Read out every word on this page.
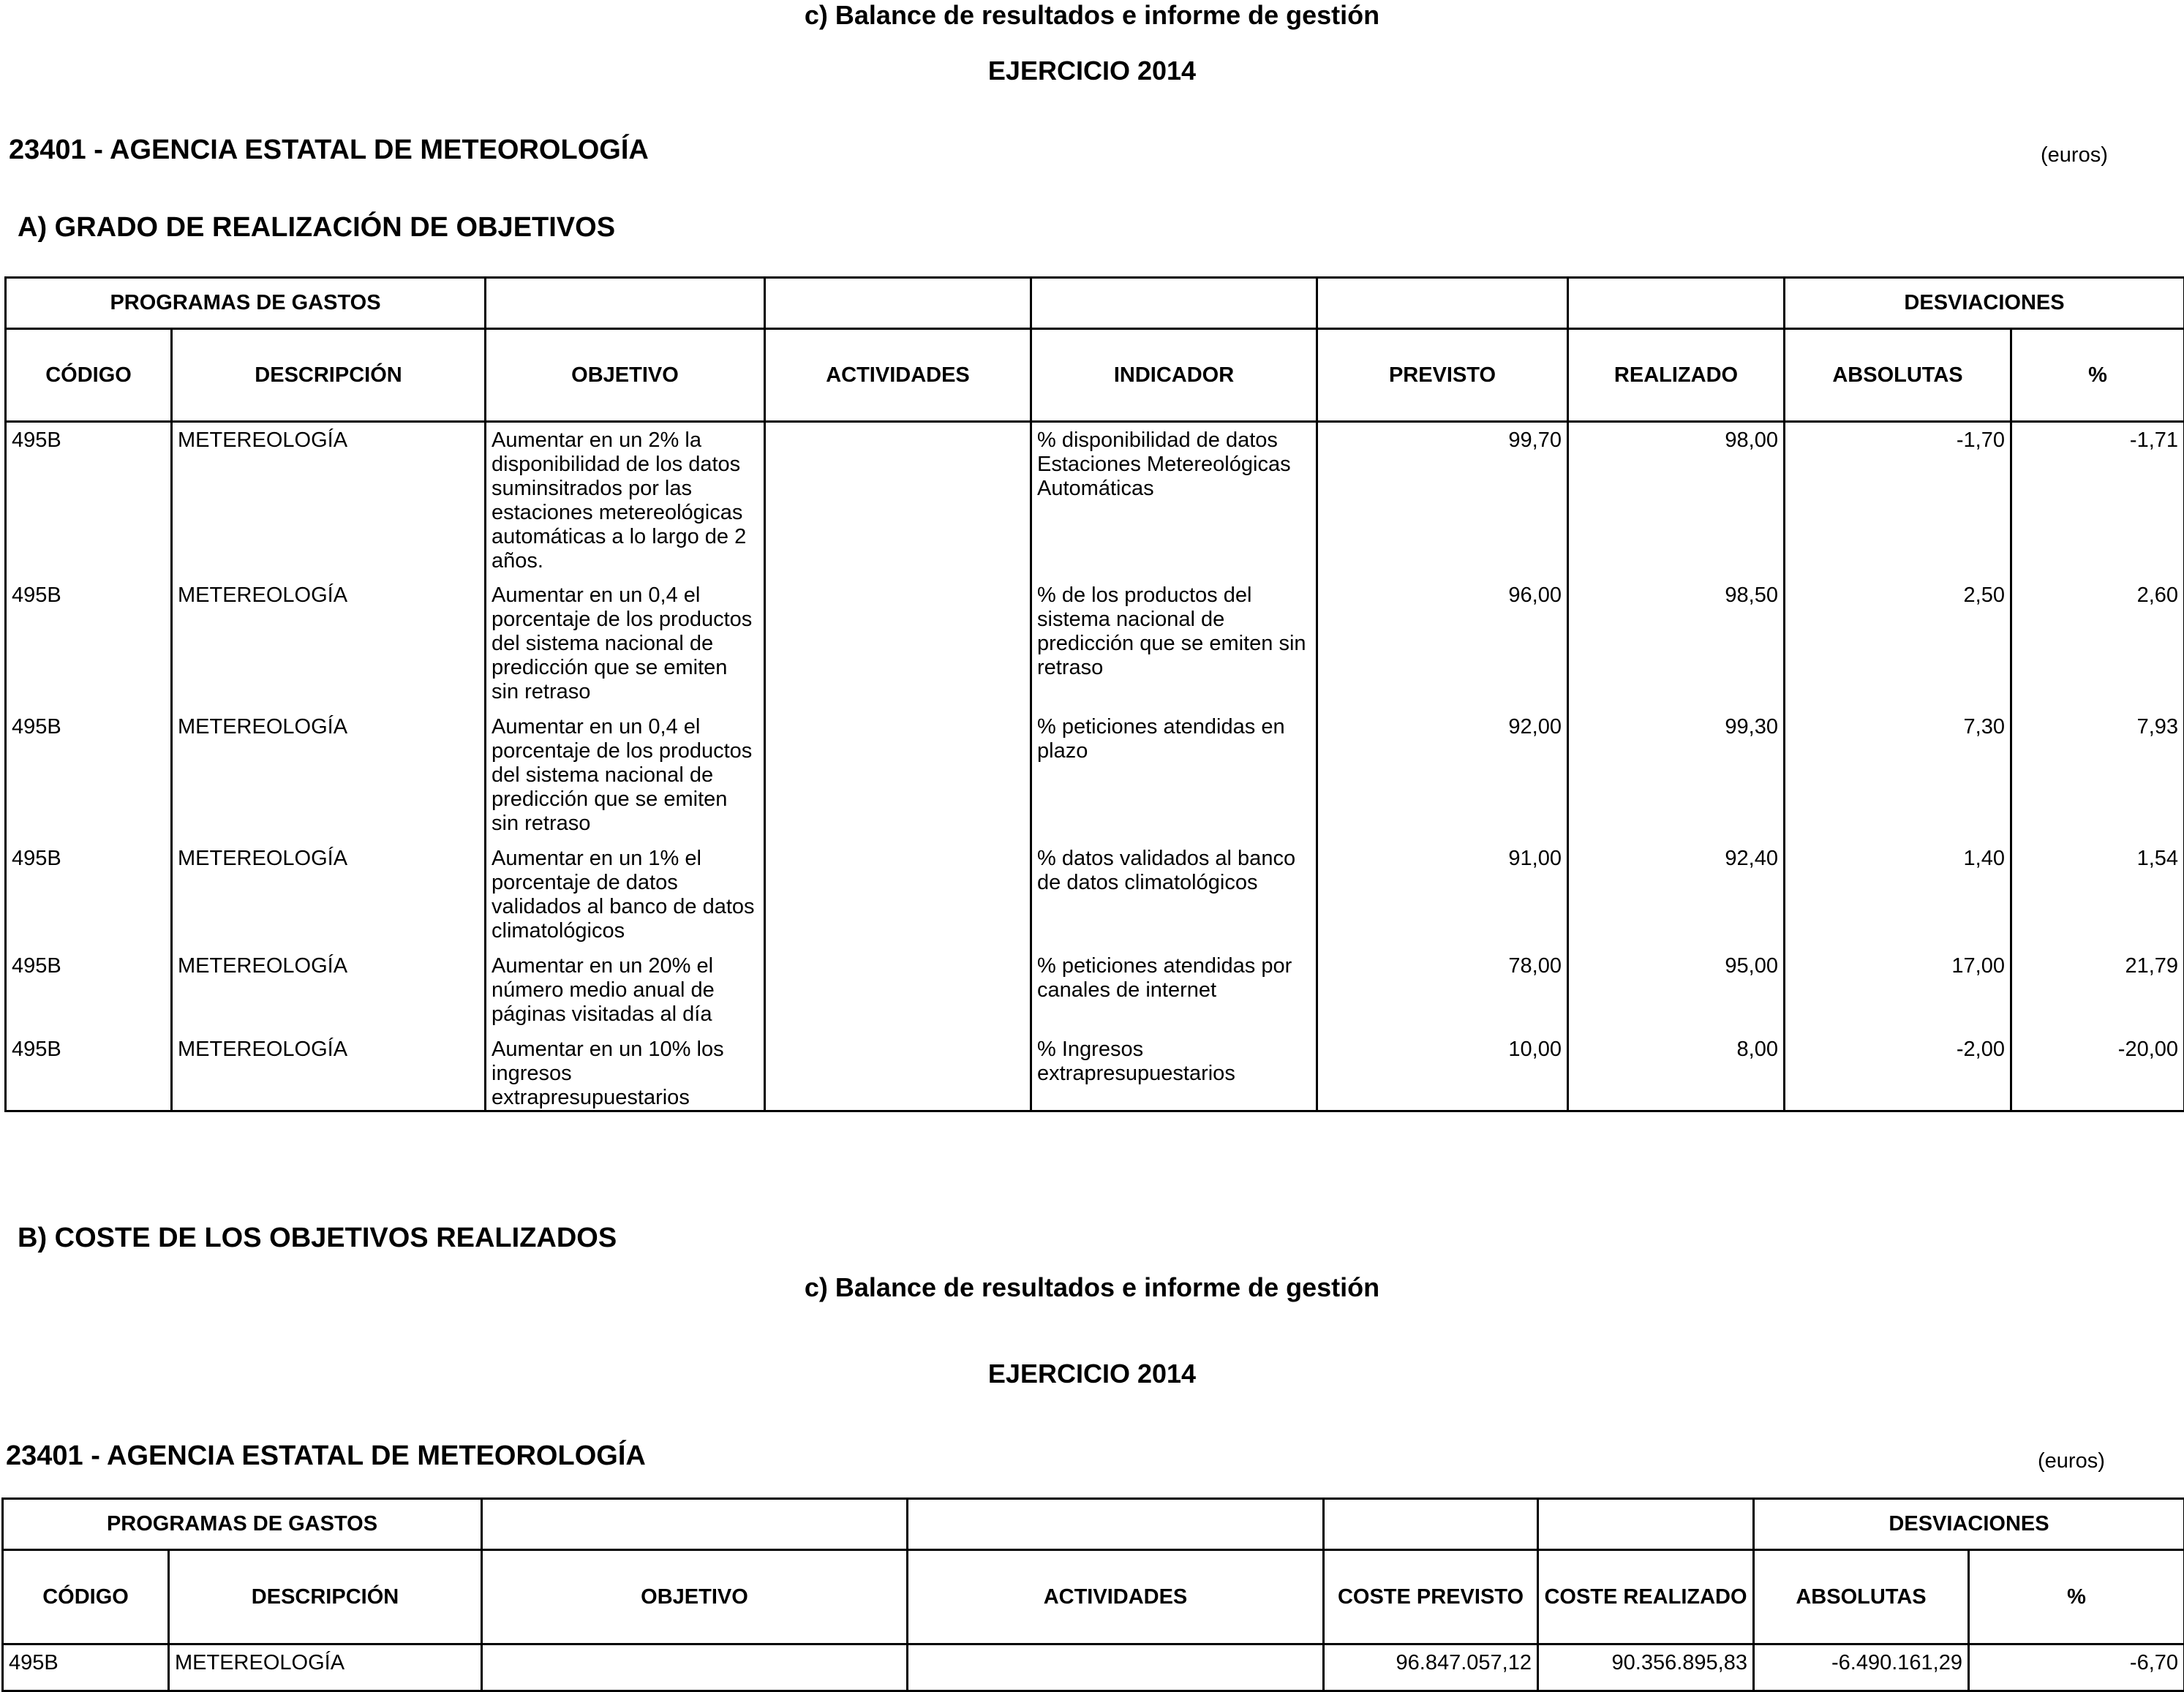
c) Balance de resultados e informe de gestión
EJERCICIO 2014
23401 - AGENCIA ESTATAL DE METEOROLOGÍA	(euros)
A) GRADO DE REALIZACIÓN DE OBJETIVOS
PROGRAMAS DE GASTOS							DESVIACIONES	
CÓDIGO	DESCRIPCIÓN	OBJETIVO	ACTIVIDADES	INDICADOR	PREVISTO	REALIZADO	ABSOLUTAS	%
495B	METEREOLOGÍA	Aumentar en un 2% la disponibilidad de los datos suminsitrados por las estaciones metereológicas automáticas a lo largo de 2 años.		% disponibilidad de datos Estaciones Metereológicas Automáticas	99,70	98,00	-1,70	-1,71
495B	METEREOLOGÍA	Aumentar en un 0,4 el porcentaje de los productos del sistema nacional de predicción que se emiten sin retraso		% de los productos del sistema nacional de predicción que se emiten sin retraso	96,00	98,50	2,50	2,60
495B	METEREOLOGÍA	Aumentar en un 0,4 el porcentaje de los productos del sistema nacional de predicción que se emiten sin retraso		% peticiones atendidas en plazo	92,00	99,30	7,30	7,93
495B	METEREOLOGÍA	Aumentar en un 1% el porcentaje de datos validados al banco de datos climatológicos		% datos validados al banco de datos climatológicos	91,00	92,40	1,40	1,54
495B	METEREOLOGÍA	Aumentar en un 20% el número medio anual de páginas visitadas al día		% peticiones atendidas por canales de internet	78,00	95,00	17,00	21,79
495B	METEREOLOGÍA	Aumentar en un 10% los ingresos extrapresupuestarios		% Ingresos extrapresupuestarios	10,00	8,00	-2,00	-20,00
B) COSTE DE LOS OBJETIVOS REALIZADOS
c) Balance de resultados e informe de gestión
EJERCICIO 2014
23401 - AGENCIA ESTATAL DE METEOROLOGÍA	(euros)
PROGRAMAS DE GASTOS						DESVIACIONES	
CÓDIGO	DESCRIPCIÓN	OBJETIVO	ACTIVIDADES	COSTE PREVISTO	COSTE REALIZADO	ABSOLUTAS	%
495B	METEREOLOGÍA			96.847.057,12	90.356.895,83	-6.490.161,29	-6,70
